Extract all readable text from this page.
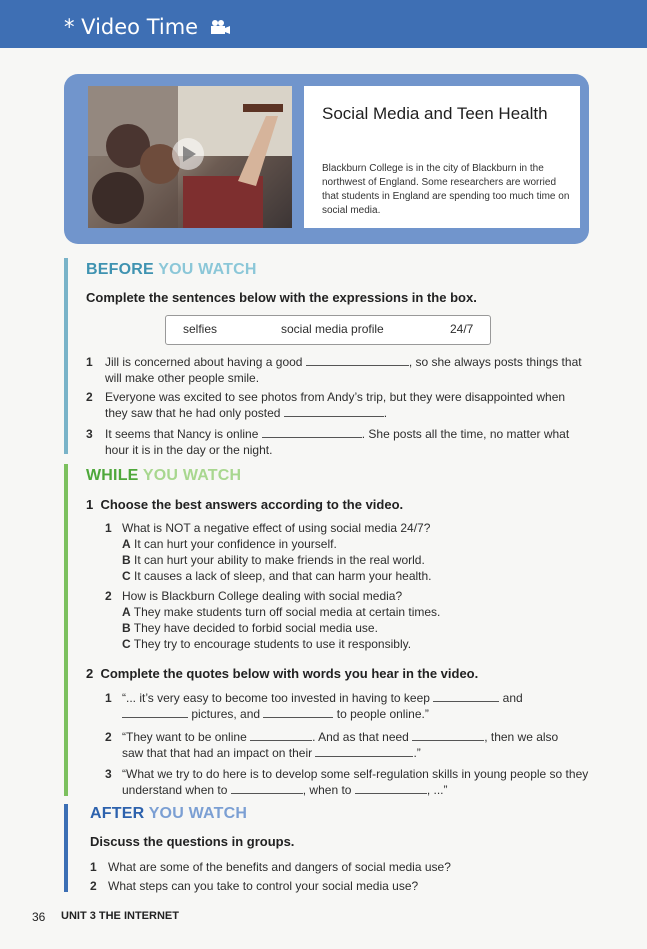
* Video Time
Social Media and Teen Health
Blackburn College is in the city of Blackburn in the northwest of England. Some researchers are worried that students in England are spending too much time on social media.
BEFORE YOU WATCH
Complete the sentences below with the expressions in the box.
selfies	social media profile	24/7
1 Jill is concerned about having a good	, so she always posts things that
will make other people smile.
2 Everyone was excited to see photos from Andy’s trip, but they were disappointed when
they saw that he had only posted	.
3 It seems that Nancy is online	. She posts all the time, no matter what
hour it is in the day or the night.
WHILE YOU WATCH
1 Choose the best answers according to the video.
1 What is NOT a negative effect of using social media 24/7?
A It can hurt your confidence in yourself.
B It can hurt your ability to make friends in the real world.
C It causes a lack of sleep, and that can harm your health.
2 How is Blackburn College dealing with social media?
A They make students turn off social media at certain times.
B They have decided to forbid social media use.
C They try to encourage students to use it responsibly.
2 Complete the quotes below with words you hear in the video.
1 “... it’s very easy to become too invested in having to keep	and
pictures, and	to people online.”
2 “They want to be online	. And as that need	, then we also
saw that that had an impact on their	.”
3 “What we try to do here is to develop some self-regulation skills in young people so they
understand when to	, when to	, ...”
AFTER YOU WATCH
Discuss the questions in groups.
1 What are some of the benefits and dangers of social media use?
2 What steps can you take to control your social media use?
36 UNIT 3 THE INTERNET
